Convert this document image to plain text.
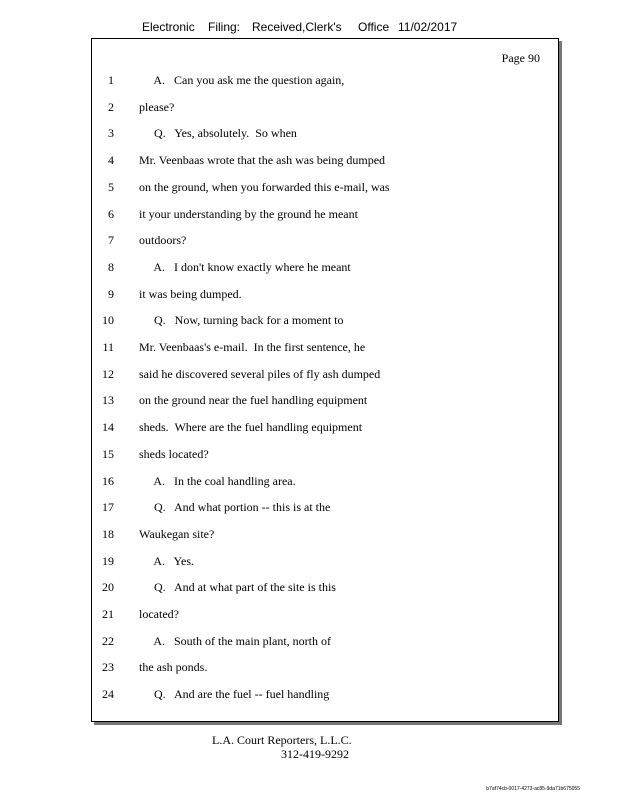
Electronic Filing: Received,Clerk's Office 11/02/2017
Page 90
1 A.   Can you ask me the question again,
2 please?
3 Q.   Yes, absolutely.  So when
4 Mr. Veenbaas wrote that the ash was being dumped
5 on the ground, when you forwarded this e-mail, was
6 it your understanding by the ground he meant
7 outdoors?
8 A.   I don't know exactly where he meant
9 it was being dumped.
10 Q.   Now, turning back for a moment to
11 Mr. Veenbaas's e-mail.  In the first sentence, he
12 said he discovered several piles of fly ash dumped
13 on the ground near the fuel handling equipment
14 sheds.  Where are the fuel handling equipment
15 sheds located?
16 A.   In the coal handling area.
17 Q.   And what portion -- this is at the
18 Waukegan site?
19 A.   Yes.
20 Q.   And at what part of the site is this
21 located?
22 A.   South of the main plant, north of
23 the ash ponds.
24 Q.   And are the fuel -- fuel handling
L.A. Court Reporters, L.L.C.
312-419-9292
b7af74cb-0017-4273-ac85-9da71b675055
